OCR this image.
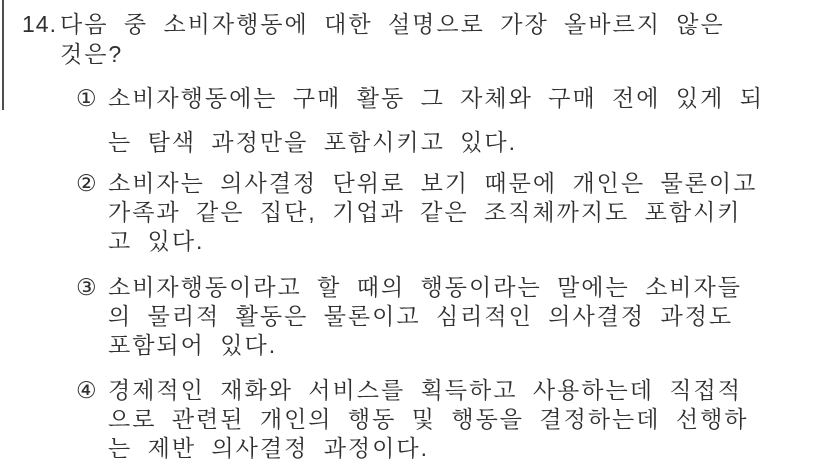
14. 다음 중 소비자행동에 대한 설명으로 가장 올바르지 않은
것은?
① 소비자행동에는 구매 활동 그 자체와 구매 전에 있게 되
는 탐색 과정만을 포함시키고 있다.
② 소비자는 의사결정 단위로 보기 때문에 개인은 물론이고
가족과 같은 집단, 기업과 같은 조직체까지도 포함시키
고 있다.
③ 소비자행동이라고 할 때의 행동이라는 말에는 소비자들
의 물리적 활동은 물론이고 심리적인 의사결정 과정도
포함되어 있다.
④ 경제적인 재화와 서비스를 획득하고 사용하는데 직접적
으로 관련된 개인의 행동 및 행동을 결정하는데 선행하
는 제반 의사결정 과정이다.
